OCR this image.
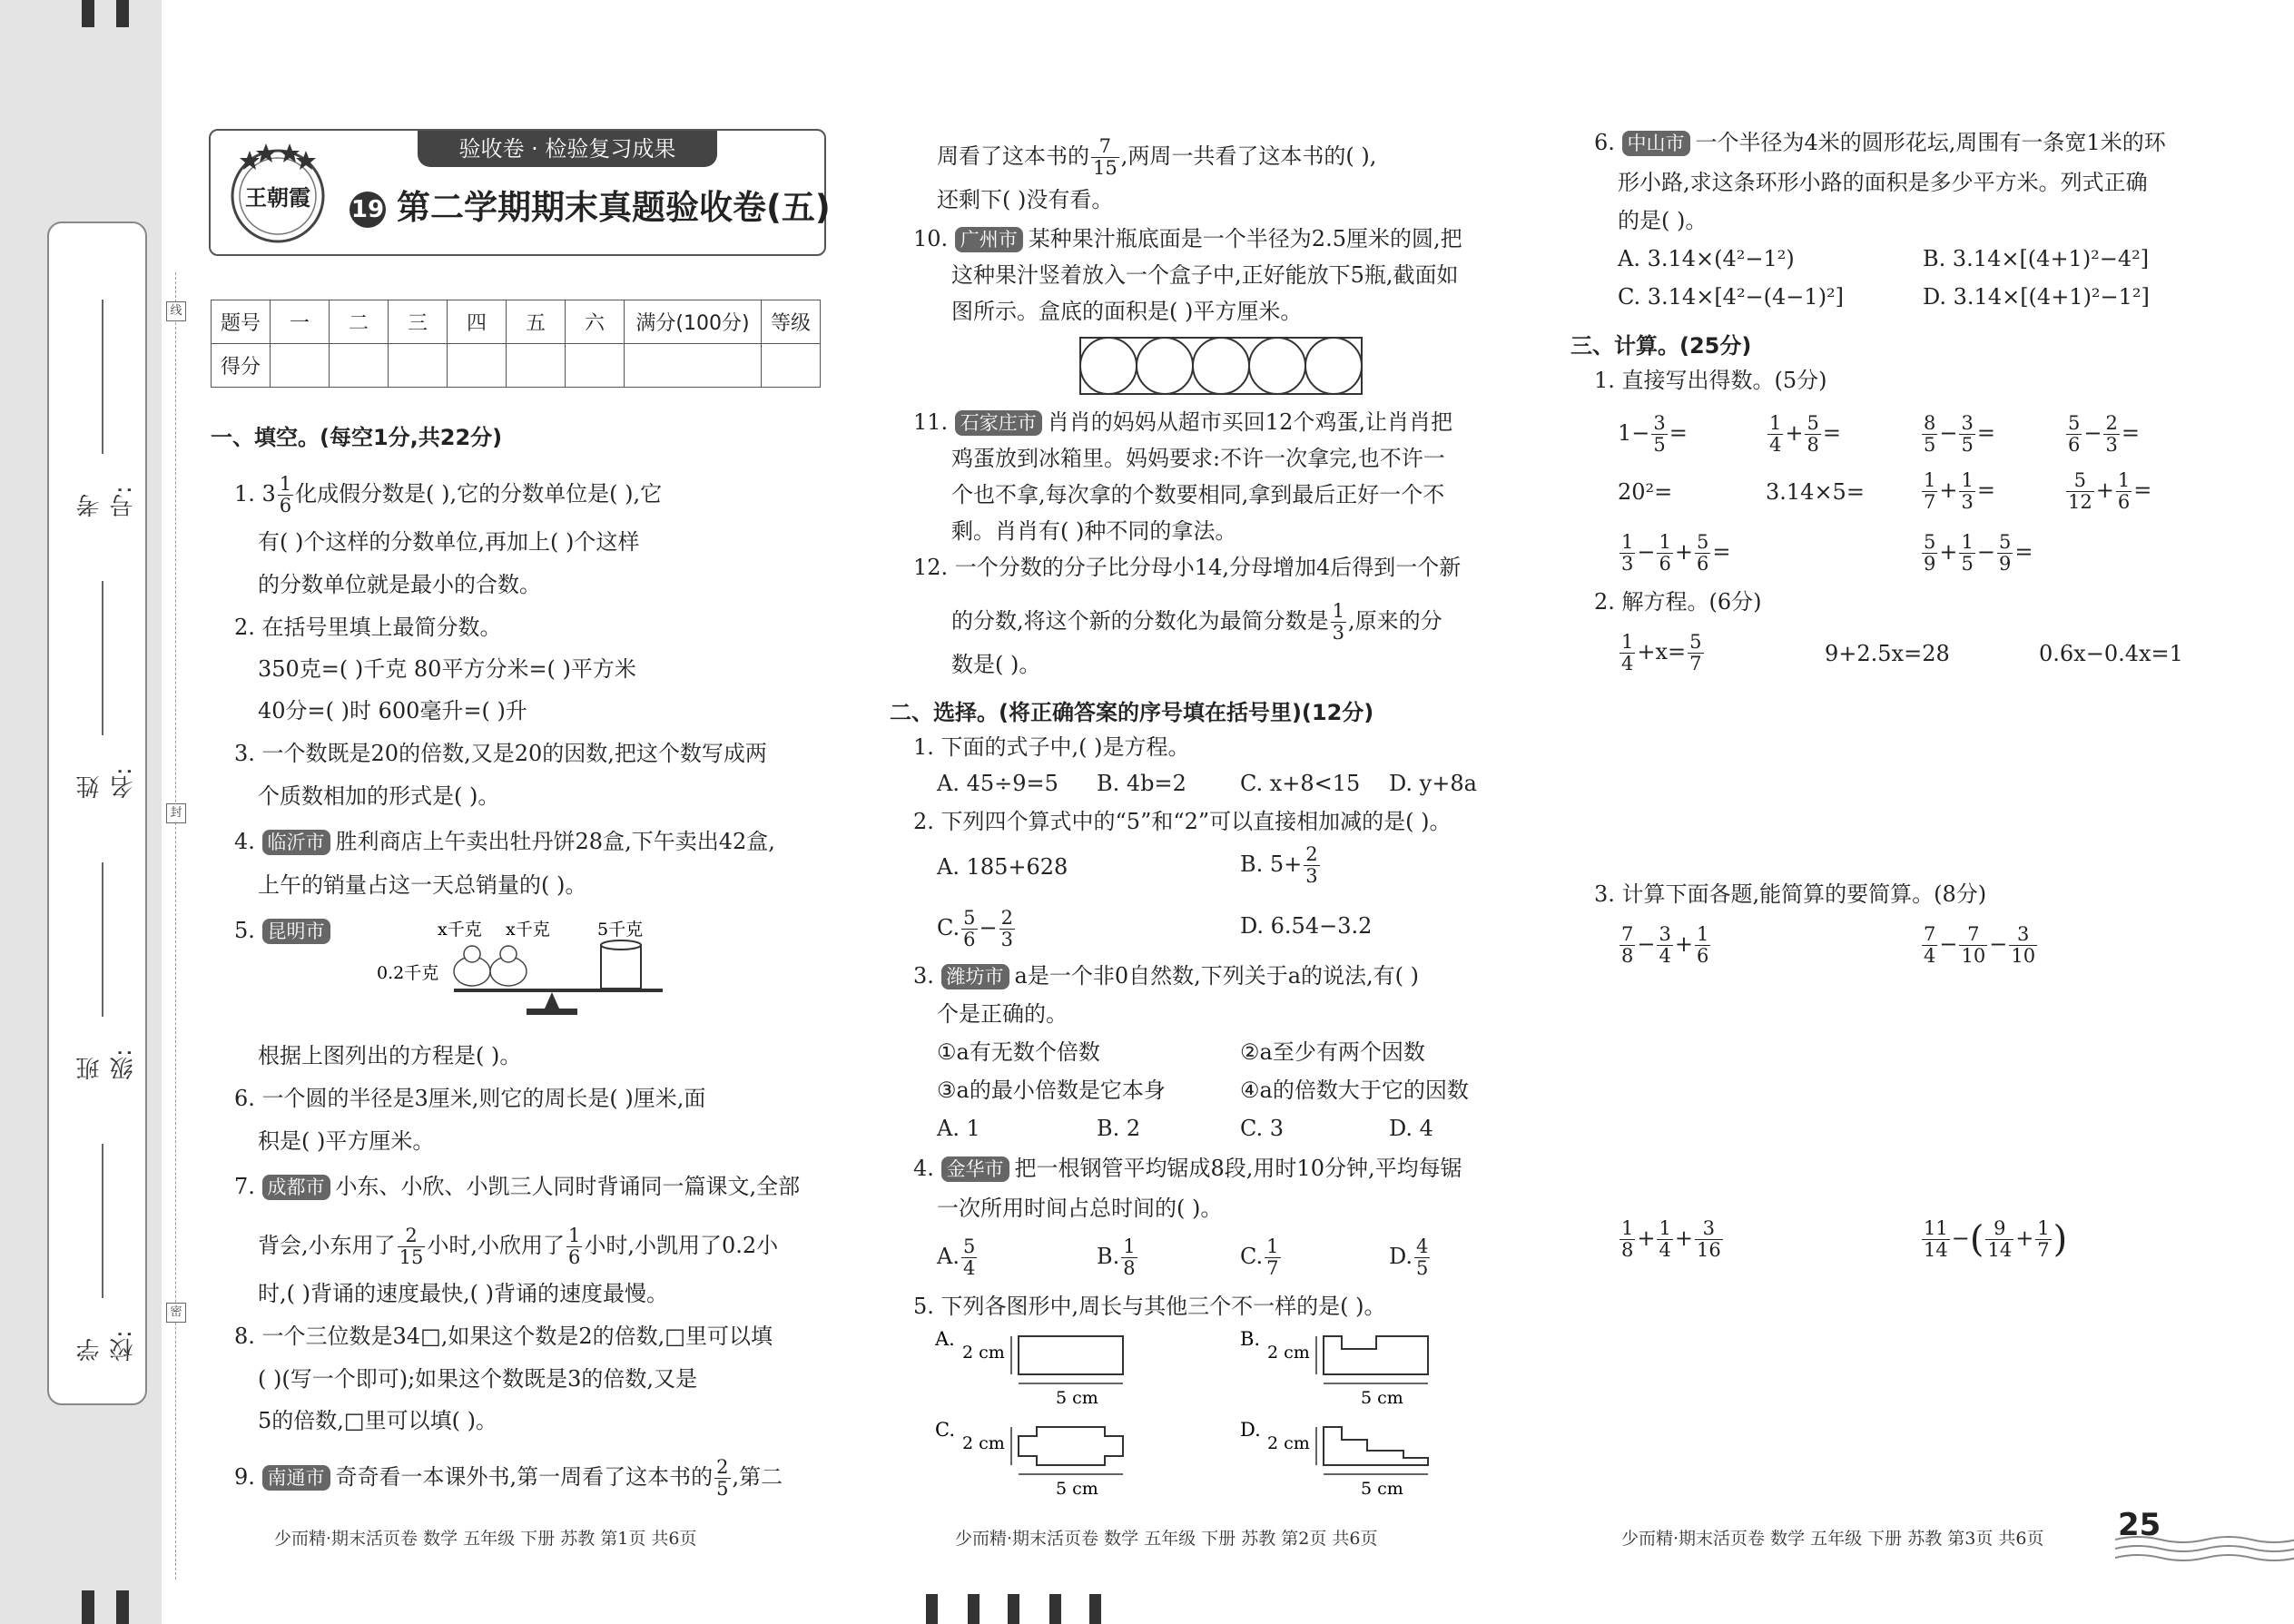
考号:
姓名:
班级:
学校:
线
封
密
王朝霞
验收卷 · 检验复习成果
19 第二学期期末真题验收卷(五)
题号	一	二	三	四	五	六	满分(100分)	等级
得分								
一、填空。(每空1分,共22分)
1. $3 \frac{1}{6}$ 化成假分数是( ),它的分数单位是( ),它
有( )个这样的分数单位,再加上( )个这样
的分数单位就是最小的合数。
2. 在括号里填上最简分数。
350克=( )千克 80平方分米=( )平方米
40分=( )时 600毫升=( )升
3. 一个数既是20的倍数,又是20的因数,把这个数写成两
个质数相加的形式是( )。
4. 临沂市 胜利商店上午卖出牡丹饼28盒,下午卖出42盒,
上午的销量占这一天总销量的( )。
5. 昆明市	x千克 x千克	5千克
0.2千克
根据上图列出的方程是( )。
6. 一个圆的半径是3厘米,则它的周长是( )厘米,面
积是( )平方厘米。
7. 成都市 小东、小欣、小凯三人同时背诵同一篇课文,全部
背会,小东用了 $\frac{2}{15}$ 小时,小欣用了 $\frac{1}{6}$ 小时,小凯用了0.2小
时,( )背诵的速度最快,( )背诵的速度最慢。
8. 一个三位数是34□,如果这个数是2的倍数,□里可以填
( )(写一个即可);如果这个数既是3的倍数,又是
5的倍数,□里可以填( )。
9. 南通市 奇奇看一本课外书,第一周看了这本书的 $\frac{2}{5}$ ,第二
少而精·期末活页卷 数学 五年级 下册 苏教 第1页 共6页
周看了这本书的 $\frac{7}{15}$ ,两周一共看了这本书的( ),
还剩下( )没有看。
10. 广州市 某种果汁瓶底面是一个半径为2.5厘米的圆,把
这种果汁竖着放入一个盒子中,正好能放下5瓶,截面如
图所示。盒底的面积是( )平方厘米。
11. 石家庄市 肖肖的妈妈从超市买回12个鸡蛋,让肖肖把
鸡蛋放到冰箱里。妈妈要求:不许一次拿完,也不许一
个也不拿,每次拿的个数要相同,拿到最后正好一个不
剩。肖肖有( )种不同的拿法。
12. 一个分数的分子比分母小14,分母增加4后得到一个新
的分数,将这个新的分数化为最简分数是 $\frac{1}{3}$ ,原来的分
数是( )。
二、选择。(将正确答案的序号填在括号里)(12分)
1. 下面的式子中,( )是方程。
A. 45÷9=5 B. 4b=2 C. x+8<15 D. y+8a
2. 下列四个算式中的“5”和“2”可以直接相加减的是( )。
A. 185+628	B. $5+ \frac{2}{3}$
C. $\frac{5}{6} - \frac{2}{3}$	D. 6.54−3.2
3. 潍坊市 a是一个非0自然数,下列关于a的说法,有( )
个是正确的。
①a有无数个倍数	②a至少有两个因数
③a的最小倍数是它本身	④a的倍数大于它的因数
A. 1	B. 2	C. 3	D. 4
4. 金华市 把一根钢管平均锯成8段,用时10分钟,平均每锯
一次所用时间占总时间的( )。
A. $\frac{5}{4}$	B. $\frac{1}{8}$	C. $\frac{1}{7}$	D. $\frac{4}{5}$
5. 下列各图形中,周长与其他三个不一样的是( )。
A.
2 cm
5 cm
B.
2 cm
5 cm
C.
2 cm
5 cm
D.
2 cm
5 cm
少而精·期末活页卷 数学 五年级 下册 苏教 第2页 共6页
6. 中山市 一个半径为4米的圆形花坛,周围有一条宽1米的环
形小路,求这条环形小路的面积是多少平方米。列式正确
的是( )。
A. 3.14×(4²−1²)	B. 3.14×[(4+1)²−4²]
C. 3.14×[4²−(4−1)²]	D. 3.14×[(4+1)²−1²]
三、计算。(25分)
1. 直接写出得数。(5分)
$1- \frac{3}{5}$ =	$\frac{1}{4} + \frac{5}{8}$ =	$\frac{8}{5} - \frac{3}{5}$ =	$\frac{5}{6} - \frac{2}{3}$ =
20²=	3.14×5=	$\frac{1}{7} + \frac{1}{3}$ =	$\frac{5}{12} + \frac{1}{6}$ =
$\frac{1}{3} - \frac{1}{6} + \frac{5}{6}$ =	$\frac{5}{9} + \frac{1}{5} - \frac{5}{9}$ =
2. 解方程。(6分)
$\frac{1}{4} +x= \frac{5}{7}$	9+2.5x=28	0.6x−0.4x=1
3. 计算下面各题,能简算的要简算。(8分)
$\frac{7}{8} - \frac{3}{4} + \frac{1}{6}$	$\frac{7}{4} - \frac{7}{10} - \frac{3}{10}$
$\frac{1}{8} + \frac{1}{4} + \frac{3}{16}$	$\frac{11}{14}$ −( $\frac{9}{14} + \frac{1}{7}$ )
少而精·期末活页卷 数学 五年级 下册 苏教 第3页 共6页 25
